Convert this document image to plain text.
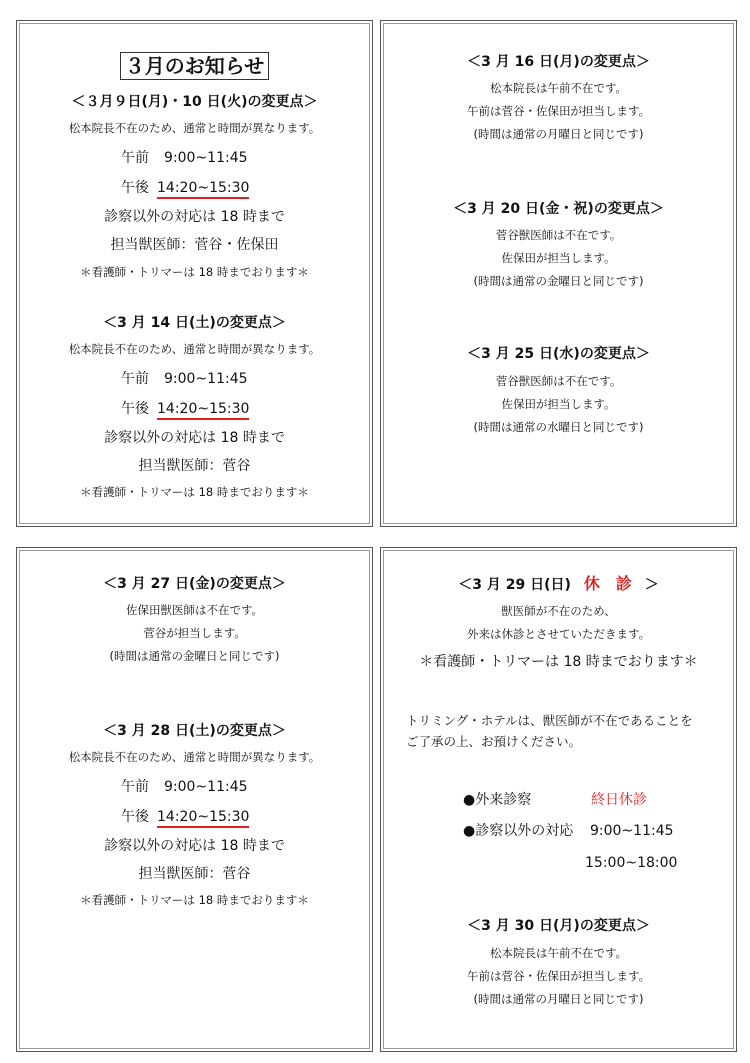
３月のお知らせ
＜３月９日(月)・10 日(火)の変更点＞
松本院長不在のため、通常と時間が異なります。
午前 9:00~11:45
午後 14:20~15:30
診察以外の対応は 18 時まで
担当獣医師：菅谷・佐保田
＊看護師・トリマーは 18 時までおります＊
＜3 月 14 日(土)の変更点＞
松本院長不在のため、通常と時間が異なります。
午前 9:00~11:45
午後 14:20~15:30
診察以外の対応は 18 時まで
担当獣医師：菅谷
＊看護師・トリマーは 18 時までおります＊
＜3 月 16 日(月)の変更点＞
松本院長は午前不在です。
午前は菅谷・佐保田が担当します。
(時間は通常の月曜日と同じです)
＜3 月 20 日(金・祝)の変更点＞
菅谷獣医師は不在です。
佐保田が担当します。
(時間は通常の金曜日と同じです)
＜3 月 25 日(水)の変更点＞
菅谷獣医師は不在です。
佐保田が担当します。
(時間は通常の水曜日と同じです)
＜3 月 27 日(金)の変更点＞
佐保田獣医師は不在です。
菅谷が担当します。
(時間は通常の金曜日と同じです)
＜3 月 28 日(土)の変更点＞
松本院長不在のため、通常と時間が異なります。
午前 9:00~11:45
午後 14:20~15:30
診察以外の対応は 18 時まで
担当獣医師：菅谷
＊看護師・トリマーは 18 時までおります＊
＜3 月 29 日(日) 休　診 ＞
獣医師が不在のため、
外来は休診とさせていただきます。
＊看護師・トリマーは 18 時までおります＊
トリミング・ホテルは、獣医師が不在であることを
ご了承の上、お預けください。
●外来診察	終日休診
●診察以外の対応 9:00~11:45
15:00~18:00
＜3 月 30 日(月)の変更点＞
松本院長は午前不在です。
午前は菅谷・佐保田が担当します。
(時間は通常の月曜日と同じです)
